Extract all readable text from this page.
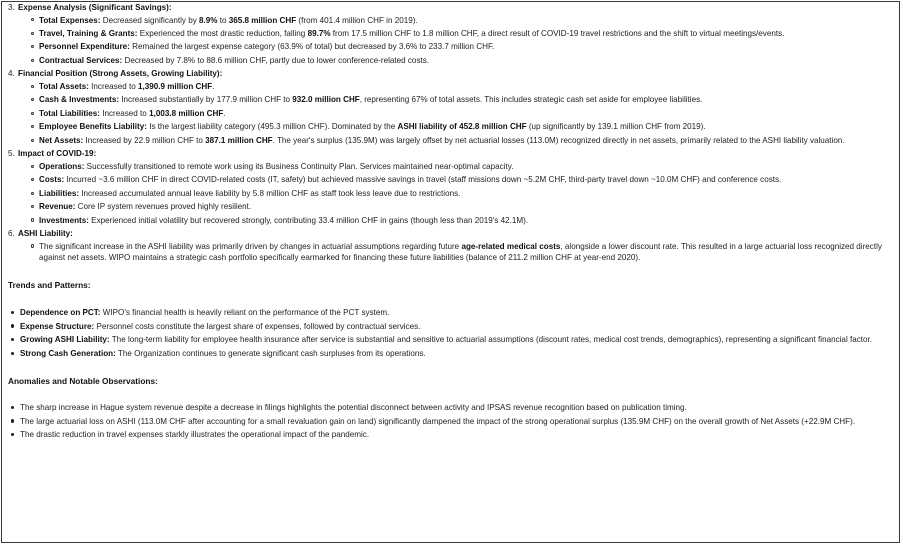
3. Expense Analysis (Significant Savings):
Total Expenses: Decreased significantly by 8.9% to 365.8 million CHF (from 401.4 million CHF in 2019).
Travel, Training & Grants: Experienced the most drastic reduction, falling 89.7% from 17.5 million CHF to 1.8 million CHF, a direct result of COVID-19 travel restrictions and the shift to virtual meetings/events.
Personnel Expenditure: Remained the largest expense category (63.9% of total) but decreased by 3.6% to 233.7 million CHF.
Contractual Services: Decreased by 7.8% to 88.6 million CHF, partly due to lower conference-related costs.
4. Financial Position (Strong Assets, Growing Liability):
Total Assets: Increased to 1,390.9 million CHF.
Cash & Investments: Increased substantially by 177.9 million CHF to 932.0 million CHF, representing 67% of total assets. This includes strategic cash set aside for employee liabilities.
Total Liabilities: Increased to 1,003.8 million CHF.
Employee Benefits Liability: Is the largest liability category (495.3 million CHF). Dominated by the ASHI liability of 452.8 million CHF (up significantly by 139.1 million CHF from 2019).
Net Assets: Increased by 22.9 million CHF to 387.1 million CHF. The year's surplus (135.9M) was largely offset by net actuarial losses (113.0M) recognized directly in net assets, primarily related to the ASHI liability valuation.
5. Impact of COVID-19:
Operations: Successfully transitioned to remote work using its Business Continuity Plan. Services maintained near-optimal capacity.
Costs: Incurred ~3.6 million CHF in direct COVID-related costs (IT, safety) but achieved massive savings in travel (staff missions down ~5.2M CHF, third-party travel down ~10.0M CHF) and conference costs.
Liabilities: Increased accumulated annual leave liability by 5.8 million CHF as staff took less leave due to restrictions.
Revenue: Core IP system revenues proved highly resilient.
Investments: Experienced initial volatility but recovered strongly, contributing 33.4 million CHF in gains (though less than 2019's 42.1M).
6. ASHI Liability:
The significant increase in the ASHI liability was primarily driven by changes in actuarial assumptions regarding future age-related medical costs, alongside a lower discount rate. This resulted in a large actuarial loss recognized directly against net assets. WIPO maintains a strategic cash portfolio specifically earmarked for financing these future liabilities (balance of 211.2 million CHF at year-end 2020).
Trends and Patterns:
Dependence on PCT: WIPO's financial health is heavily reliant on the performance of the PCT system.
Expense Structure: Personnel costs constitute the largest share of expenses, followed by contractual services.
Growing ASHI Liability: The long-term liability for employee health insurance after service is substantial and sensitive to actuarial assumptions (discount rates, medical cost trends, demographics), representing a significant financial factor.
Strong Cash Generation: The Organization continues to generate significant cash surpluses from its operations.
Anomalies and Notable Observations:
The sharp increase in Hague system revenue despite a decrease in filings highlights the potential disconnect between activity and IPSAS revenue recognition based on publication timing.
The large actuarial loss on ASHI (113.0M CHF after accounting for a small revaluation gain on land) significantly dampened the impact of the strong operational surplus (135.9M CHF) on the overall growth of Net Assets (+22.9M CHF).
The drastic reduction in travel expenses starkly illustrates the operational impact of the pandemic.
